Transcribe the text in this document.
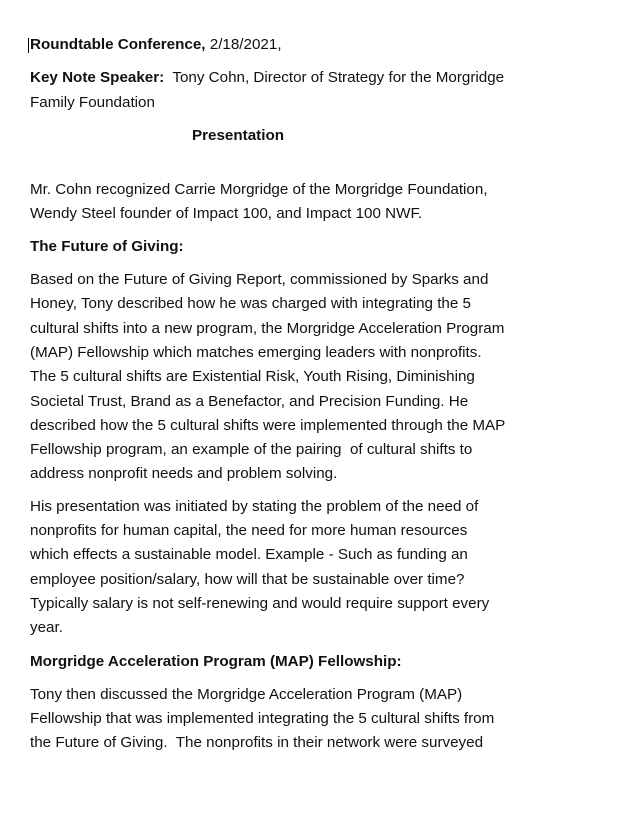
Roundtable Conference, 2/18/2021,

Key Note Speaker:  Tony Cohn, Director of Strategy for the Morgridge

Family Foundation

Presentation

Mr. Cohn recognized Carrie Morgridge of the Morgridge Foundation,

Wendy Steel founder of Impact 100, and Impact 100 NWF.

The Future of Giving:

Based on the Future of Giving Report, commissioned by Sparks and

Honey, Tony described how he was charged with integrating the 5

cultural shifts into a new program, the Morgridge Acceleration Program

(MAP) Fellowship which matches emerging leaders with nonprofits.

The 5 cultural shifts are Existential Risk, Youth Rising, Diminishing

Societal Trust, Brand as a Benefactor, and Precision Funding. He

described how the 5 cultural shifts were implemented through the MAP

Fellowship program, an example of the pairing  of cultural shifts to

address nonprofit needs and problem solving.

His presentation was initiated by stating the problem of the need of

nonprofits for human capital, the need for more human resources

which effects a sustainable model. Example - Such as funding an

employee position/salary, how will that be sustainable over time?

Typically salary is not self-renewing and would require support every

year.

Morgridge Acceleration Program (MAP) Fellowship:

Tony then discussed the Morgridge Acceleration Program (MAP)

Fellowship that was implemented integrating the 5 cultural shifts from

the Future of Giving.  The nonprofits in their network were surveyed
